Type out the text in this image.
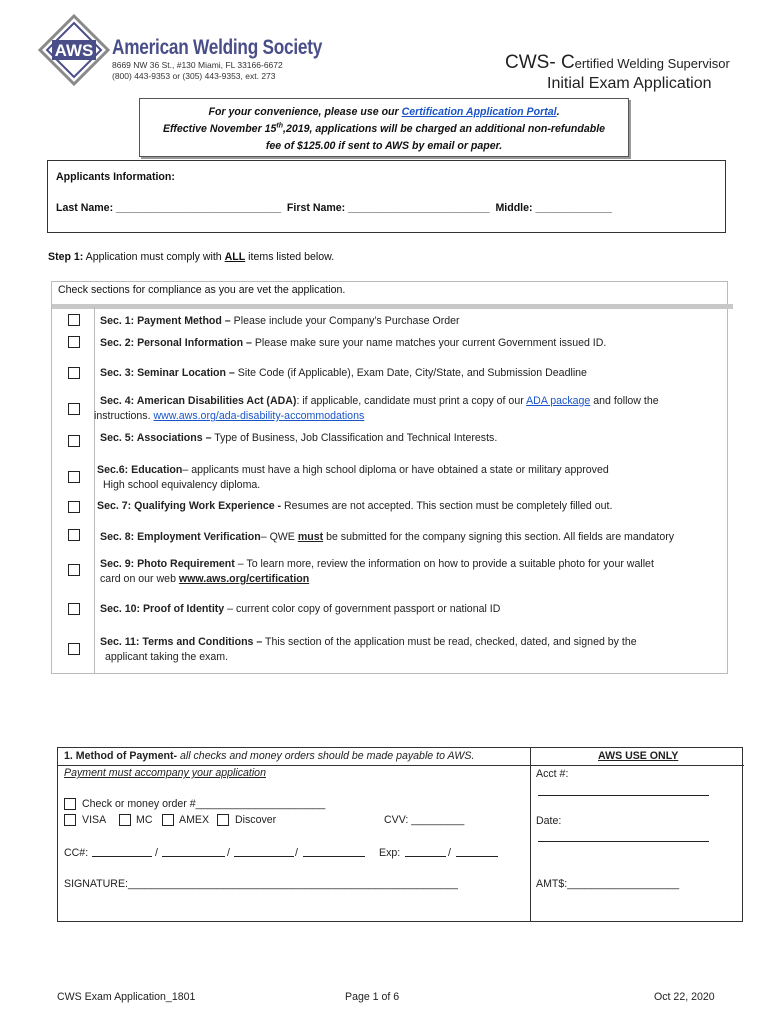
AWS American Welding Society
8669 NW 36 St., #130 Miami, FL 33166-6672
(800) 443-9353 or (305) 443-9353, ext. 273
CWS- Certified Welding Supervisor
Initial Exam Application
For your convenience, please use our Certification Application Portal.
Effective November 15th,2019, applications will be charged an additional non-refundable
fee of $125.00 if sent to AWS by email or paper.
Applicants Information:
Last Name: ____________________________ First Name: ________________________ Middle: _____________
Step 1: Application must comply with ALL items listed below.
Check sections for compliance as you are vet the application.
Sec. 1: Payment Method – Please include your Company’s Purchase Order
Sec. 2: Personal Information – Please make sure your name matches your current Government issued ID.
Sec. 3: Seminar Location – Site Code (if Applicable), Exam Date, City/State, and Submission Deadline
Sec. 4: American Disabilities Act (ADA): if applicable, candidate must print a copy of our ADA package and follow the
instructions. www.aws.org/ada-disability-accommodations
Sec. 5: Associations – Type of Business, Job Classification and Technical Interests.
Sec.6: Education– applicants must have a high school diploma or have obtained a state or military approved
High school equivalency diploma.
Sec. 7: Qualifying Work Experience - Resumes are not accepted. This section must be completely filled out.
Sec. 8: Employment Verification– QWE must be submitted for the company signing this section. All fields are mandatory
Sec. 9: Photo Requirement – To learn more, review the information on how to provide a suitable photo for your wallet
card on our web www.aws.org/certification
Sec. 10: Proof of Identity – current color copy of government passport or national ID
Sec. 11: Terms and Conditions – This section of the application must be read, checked, dated, and signed by the
applicant taking the exam.
1. Method of Payment- all checks and money orders should be made payable to AWS.
Payment must accompany your application
Check or money order #______________________
VISA	MC	AMEX Discover	CVV: _________
CC#:	/	/	/	Exp:	/
SIGNATURE:________________________________________________________
AWS USE ONLY
Acct #:
Date:
AMT$:___________________
CWS Exam Application_1801	Page 1 of 6	Oct 22, 2020
